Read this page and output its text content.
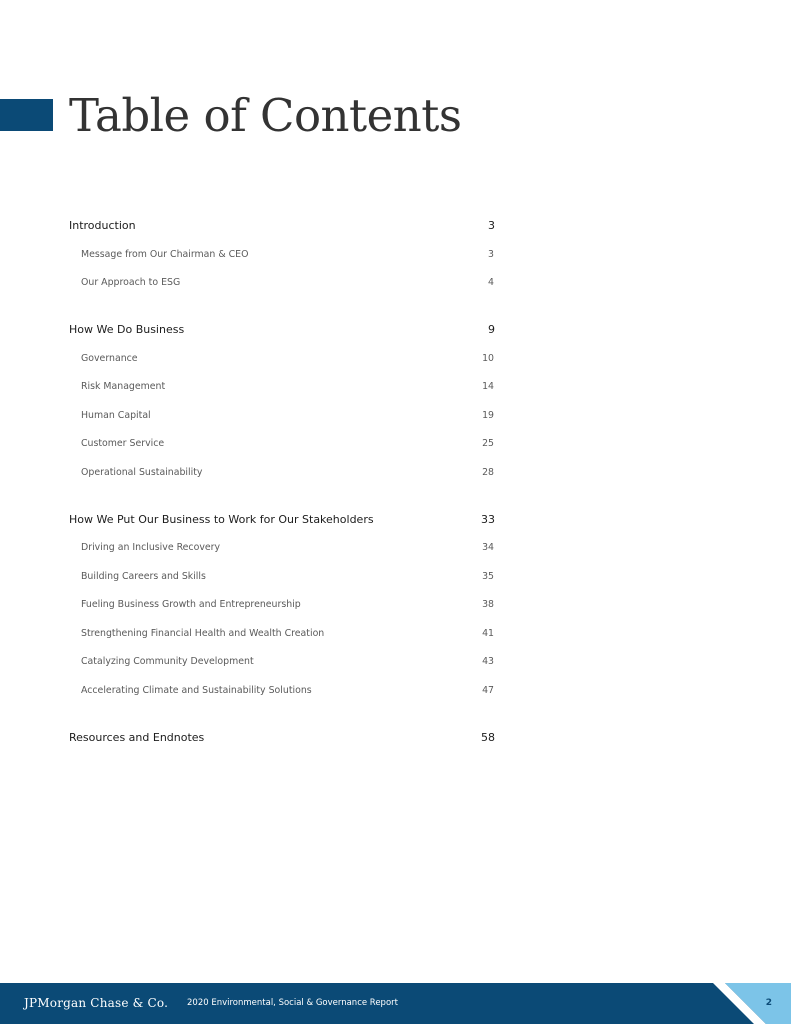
Table of Contents
Introduction	3
Message from Our Chairman & CEO	3
Our Approach to ESG	4
How We Do Business	9
Governance	10
Risk Management	14
Human Capital	19
Customer Service	25
Operational Sustainability	28
How We Put Our Business to Work for Our Stakeholders	33
Driving an Inclusive Recovery	34
Building Careers and Skills	35
Fueling Business Growth and Entrepreneurship	38
Strengthening Financial Health and Wealth Creation	41
Catalyzing Community Development	43
Accelerating Climate and Sustainability Solutions	47
Resources and Endnotes	58
JPMorgan Chase & Co. 2020 Environmental, Social & Governance Report	2
